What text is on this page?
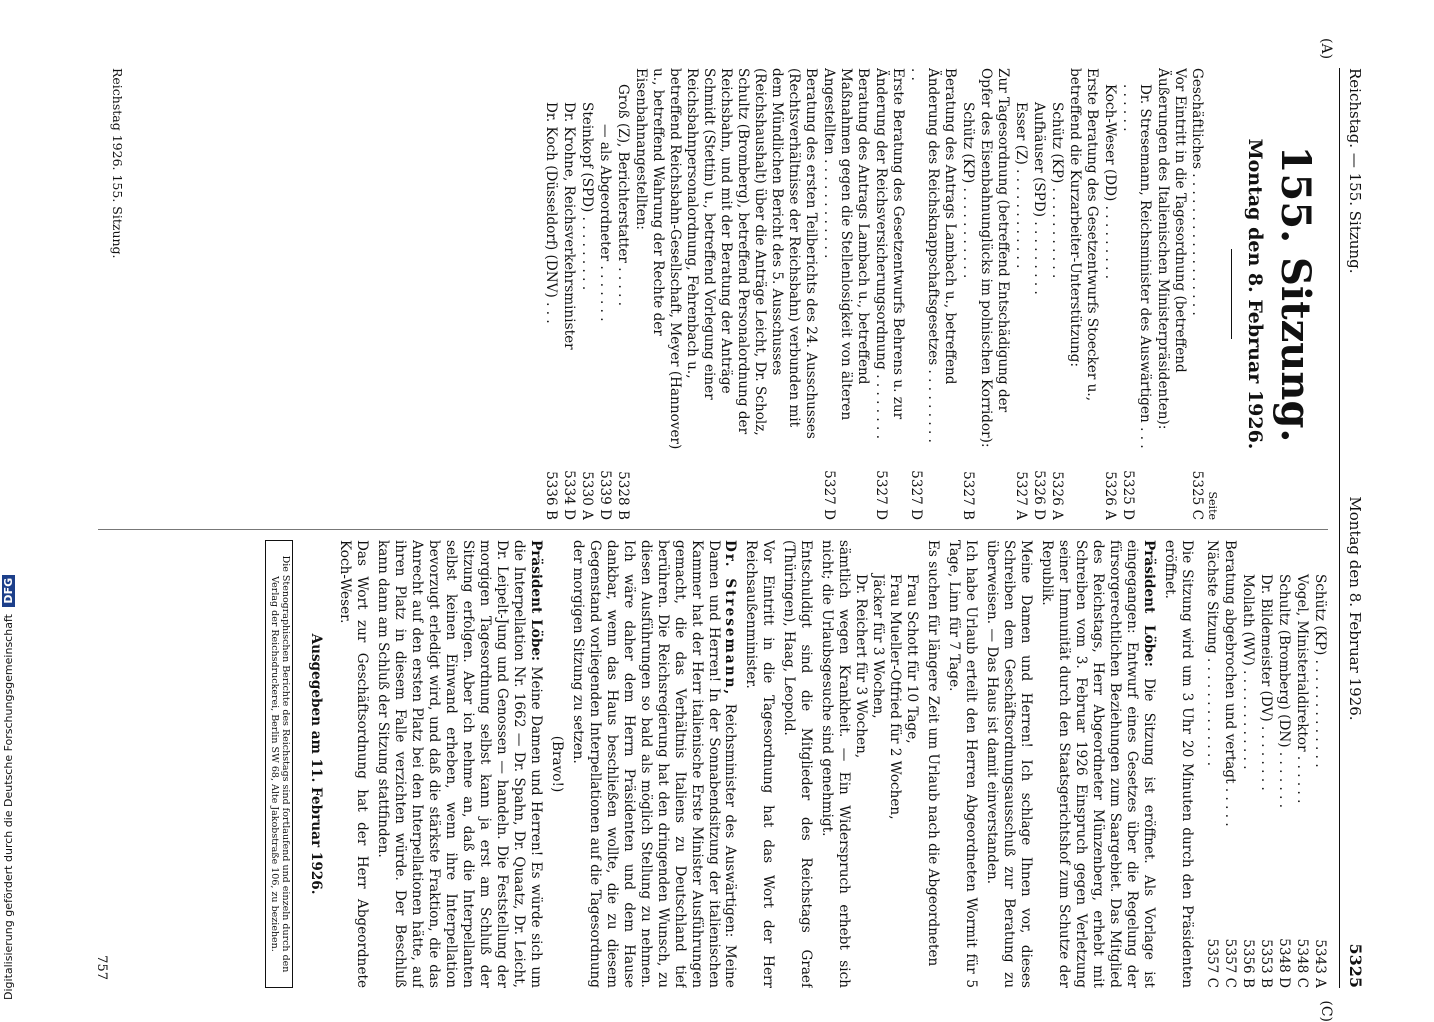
Reichstag. — 155. Sitzung.
Montag den 8. Februar 1926.
5325
(A)
(C)
155. Sitzung.
Montag den 8. Februar 1926.
Seite
Geschäftliches . . . . . . . . . . . . . . . . .
5325 C
Vor Eintritt in die Tagesordnung (betreffend Äußerungen des Italienischen Ministerpräsidenten):
Dr. Stresemann, Reichsminister des Auswärtigen . . . . . . . . .
5325 D
Koch-Weser (DD) . . . . . . . . .
5326 A
Erste Beratung des Gesetzentwurfs Stoecker u., betreffend die Kurzarbeiter-Unterstützung:
Schütz (KP) . . . . . . . . . . .
5326 A
Aufhäuser (SPD) . . . . . . . . .
5326 D
Esser (Z) . . . . . . . . . . . .
5327 A
Zur Tagesordnung (betreffend Entschädigung der Opfer des Eisenbahnunglücks im polnischen Korridor):
Schütz (KP) . . . . . . . . . . .
5327 B
Beratung des Antrags Lambach u., betreffend Änderung des Reichsknappschaftsgesetzes . . . . . . . . . . .
5327 D
Erste Beratung des Gesetzentwurfs Behrens u. zur Änderung der Reichsversicherungsordnung . . . . . . . .
5327 D
Beratung des Antrags Lambach u., betreffend Maßnahmen gegen die Stellenlosigkeit von älteren Angestellten . . . . . . . . . . . .
5327 D
Beratung des ersten Teilberichts des 24. Ausschusses (Rechtsverhältnisse der Reichsbahn) verbunden mit dem Mündlichen Bericht des 5. Ausschusses (Reichshaushalt) über die Anträge Leicht, Dr. Scholz, Schultz (Bromberg), betreffend Personalordnung der Reichsbahn, und mit der Beratung der Anträge Schmidt (Stettin) u., betreffend Vorlegung einer Reichsbahnpersonalordnung, Fehrenbach u., betreffend Reichsbahn-Gesellschaft, Meyer (Hannover) u., betreffend Wahrung der Rechte der Eisenbahnangestellten:
Groß (Z), Berichterstatter . . . . .
5328 B
— als Abgeordneter . . . . . . .
5339 D
Steinkopf (SPD) . . . . . . . . .
5330 A
Dr. Krohne, Reichsverkehrsminister
5334 D
Dr. Koch (Düsseldorf) (DNV) . . .
5336 B
Reichstag 1926. 155. Sitzung.
Schütz (KP) . . . . . . . . . . . . .
5343 A
Vogel, Ministerialdirektor . . . . . .
5348 C
Schultz (Bromberg) (DN) . . . . . . .
5348 D
Dr. Bildemeister (DV) . . . . . . . .
5353 B
Mollath (WV) . . . . . . . . . . . .
5356 B
Beratung abgebrochen und vertagt . . . . .
5357 C
Nächste Sitzung . . . . . . . . . . . . .
5357 C

Die Sitzung wird um 3 Uhr 20 Minuten durch den Präsidenten eröffnet.

Präsident Löbe: Die Sitzung ist eröffnet. Als Vorlage ist eingegangen: Entwurf eines Gesetzes über die Regelung der fürsorgerechtlichen Beziehungen zum Saargebiet. Das Mitglied des Reichstags, Herr Abgeordneter Münzenberg, erhebt mit Schreiben vom 3. Februar 1926 Einspruch gegen Verletzung seiner Immunität durch den Staatsgerichtshof zum Schutze der Republik.

Meine Damen und Herren! Ich schlage Ihnen vor, dieses Schreiben dem Geschäftsordnungsausschuß zur Beratung zu überweisen. — Das Haus ist damit einverstanden.

Ich habe Urlaub erteilt den Herren Abgeordneten Wormit für 5 Tage, Linn für 7 Tage.

Es suchen für längere Zeit um Urlaub nach die Abgeordneten

Frau Schott für 10 Tage,
Frau Mueller-Otfried für 2 Wochen,
Jäcker für 3 Wochen,
Dr. Reichert für 3 Wochen,

sämtlich wegen Krankheit. — Ein Widerspruch erhebt sich nicht; die Urlaubsgesuche sind genehmigt.

Entschuldigt sind die Mitglieder des Reichstags Graef (Thüringen), Haag, Leopold.

Vor Eintritt in die Tagesordnung hat das Wort der Herr Reichsaußenminister.

Dr. Stresemann, Reichsminister des Auswärtigen: Meine Damen und Herren! In der Sonnabendsitzung der italienischen Kammer hat der Herr italienische Erste Minister Ausführungen gemacht, die das Verhältnis Italiens zu Deutschland tief berühren. Die Reichsregierung hat den dringenden Wunsch, zu diesen Ausführungen so bald als möglich Stellung zu nehmen. Ich wäre daher dem Herrn Präsidenten und dem Hause dankbar, wenn das Haus beschließen wollte, die zu diesem Gegenstand vorliegenden Interpellationen auf die Tagesordnung der morgigen Sitzung zu setzen.

(Bravo!)

Präsident Löbe: Meine Damen und Herren! Es würde sich um die Interpellation Nr. 1662 — Dr. Spahn, Dr. Quaatz, Dr. Leicht, Dr. Leipelt-Jung und Genossen — handeln. Die Feststellung der morgigen Tagesordnung selbst kann ja erst am Schluß der Sitzung erfolgen. Aber ich nehme an, daß die Interpellanten selbst keinen Einwand erheben, wenn ihre Interpellation bevorzugt erledigt wird, und daß die stärkste Fraktion, die das Anrecht auf den ersten Platz bei den Interpellationen hätte, auf ihren Platz in diesem Falle verzichten würde. Der Beschluß kann dann am Schluß der Sitzung stattfinden.

Das Wort zur Geschäftsordnung hat der Herr Abgeordnete Koch-Weser.

Ausgegeben am 11. Februar 1926.
Die Stenographischen Berichte des Reichstags sind fortlaufend und einzeln durch den Verlag der Reichsdruckerei, Berlin SW 68, Alte Jakobstraße 106, zu beziehen.
757
Digitalisierung gefördert durch die Deutsche Forschungsgemeinschaft DFG
